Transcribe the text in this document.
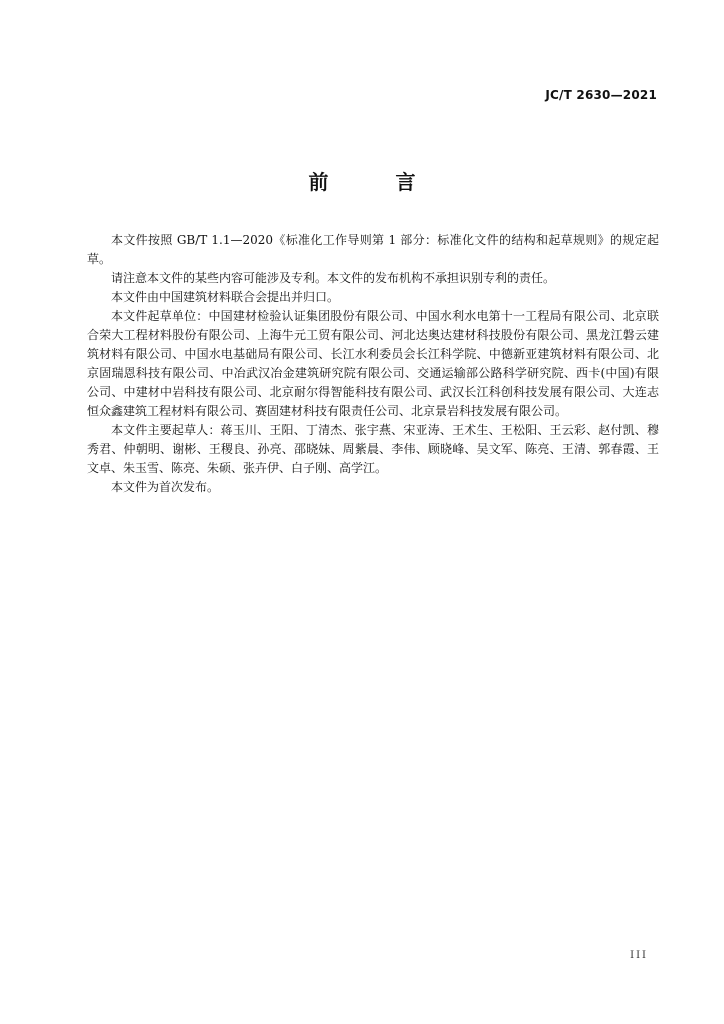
JC/T 2630—2021
前 言

本文件按照 GB/T 1.1—2020《标准化工作导则第 1 部分：标准化文件的结构和起草规则》的规定起草。

请注意本文件的某些内容可能涉及专利。本文件的发布机构不承担识别专利的责任。

本文件由中国建筑材料联合会提出并归口。

本文件起草单位：中国建材检验认证集团股份有限公司、中国水利水电第十一工程局有限公司、北京联合荣大工程材料股份有限公司、上海牛元工贸有限公司、河北达奥达建材科技股份有限公司、黑龙江磐云建筑材料有限公司、中国水电基础局有限公司、长江水利委员会长江科学院、中德新亚建筑材料有限公司、北京固瑞恩科技有限公司、中冶武汉冶金建筑研究院有限公司、交通运输部公路科学研究院、西卡(中国)有限公司、中建材中岩科技有限公司、北京耐尔得智能科技有限公司、武汉长江科创科技发展有限公司、大连志恒众鑫建筑工程材料有限公司、赛固建材科技有限责任公司、北京景岩科技发展有限公司。

本文件主要起草人：蒋玉川、王阳、丁清杰、张宇燕、宋亚涛、王术生、王松阳、王云彩、赵付凯、穆秀君、仲朝明、谢彬、王稷良、孙亮、邵晓妹、周紫晨、李伟、顾晓峰、吴文军、陈亮、王清、郭春霞、王文卓、朱玉雪、陈亮、朱硕、张卉伊、白子刚、高学江。

本文件为首次发布。

III
